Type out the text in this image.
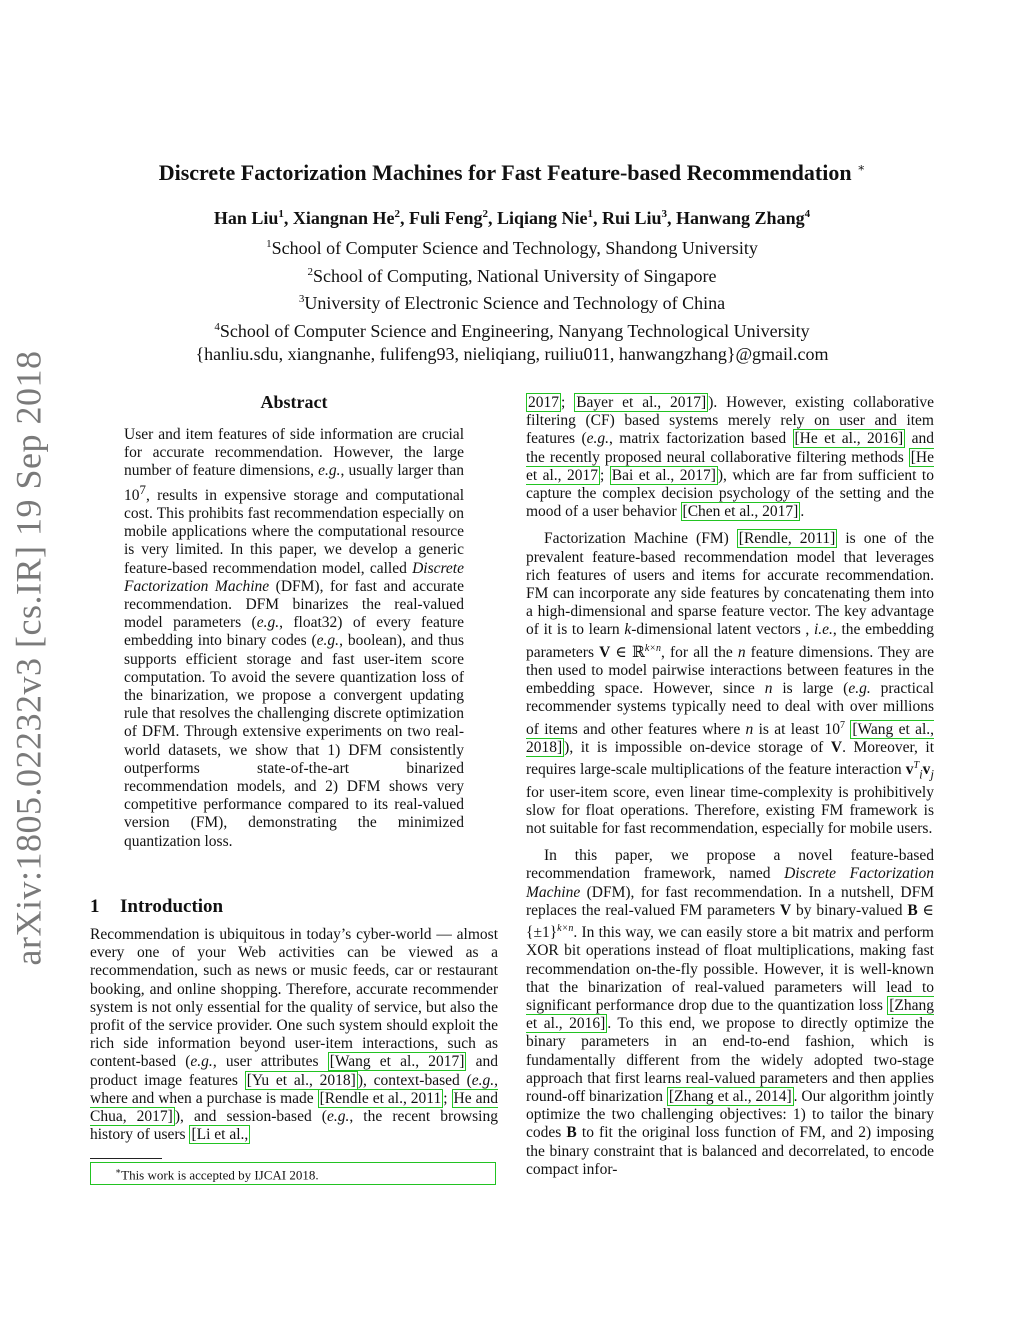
arXiv:1805.02232v3 [cs.IR] 19 Sep 2018
Discrete Factorization Machines for Fast Feature-based Recommendation ∗
Han Liu$^1$, Xiangnan He$^2$, Fuli Feng$^2$, Liqiang Nie$^1$, Rui Liu$^3$, Hanwang Zhang$^4$
$^1$School of Computer Science and Technology, Shandong University
$^2$School of Computing, National University of Singapore
$^3$University of Electronic Science and Technology of China
$^4$School of Computer Science and Engineering, Nanyang Technological University
{hanliu.sdu, xiangnanhe, fulifeng93, nieliqiang, ruiliu011, hanwangzhang}@gmail.com
Abstract
User and item features of side information are crucial for accurate recommendation. However, the large number of feature dimensions, e.g., usually larger than $10^7$, results in expensive storage and computational cost. This prohibits fast recommendation especially on mobile applications where the computational resource is very limited. In this paper, we develop a generic feature-based recommendation model, called Discrete Factorization Machine (DFM), for fast and accurate recommendation. DFM binarizes the real-valued model parameters (e.g., float32) of every feature embedding into binary codes (e.g., boolean), and thus supports efficient storage and fast user-item score computation. To avoid the severe quantization loss of the binarization, we propose a convergent updating rule that resolves the challenging discrete optimization of DFM. Through extensive experiments on two real-world datasets, we show that 1) DFM consistently outperforms state-of-the-art binarized recommendation models, and 2) DFM shows very competitive performance compared to its real-valued version (FM), demonstrating the minimized quantization loss.
1 Introduction
Recommendation is ubiquitous in today’s cyber-world — almost every one of your Web activities can be viewed as a recommendation, such as news or music feeds, car or restaurant booking, and online shopping. Therefore, accurate recommender system is not only essential for the quality of service, but also the profit of the service provider. One such system should exploit the rich side information beyond user-item interactions, such as content-based (e.g., user attributes [Wang et al., 2017] and product image features [Yu et al., 2018] ), context-based (e.g., where and when a purchase is made [Rendle et al., 2011 ; He and Chua, 2017] ), and session-based (e.g., the recent browsing history of users [Li et al.,
∗This work is accepted by IJCAI 2018.

2017 ; Bayer et al., 2017] ). However, existing collaborative filtering (CF) based systems merely rely on user and item features (e.g., matrix factorization based [He et al., 2016] and the recently proposed neural collaborative filtering methods [He et al., 2017 ; Bai et al., 2017] ), which are far from sufficient to capture the complex decision psychology of the setting and the mood of a user behavior [Chen et al., 2017] .

Factorization Machine (FM) [Rendle, 2011] is one of the prevalent feature-based recommendation model that leverages rich features of users and items for accurate recommendation. FM can incorporate any side features by concatenating them into a high-dimensional and sparse feature vector. The key advantage of it is to learn k-dimensional latent vectors , i.e., the embedding parameters V ∈ ℝ$^{k\times n}$, for all the n feature dimensions. They are then used to model pairwise interactions between features in the embedding space. However, since n is large (e.g. practical recommender systems typically need to deal with over millions of items and other features where n is at least $10^7$ [Wang et al., 2018] ), it is impossible on-device storage of V. Moreover, it requires large-scale multiplications of the feature interaction $v^T_iv_j$ for user-item score, even linear time-complexity is prohibitively slow for float operations. Therefore, existing FM framework is not suitable for fast recommendation, especially for mobile users.

In this paper, we propose a novel feature-based recommendation framework, named Discrete Factorization Machine (DFM), for fast recommendation. In a nutshell, DFM replaces the real-valued FM parameters V by binary-valued B ∈ $\{\pm 1\}^{k\times n}$. In this way, we can easily store a bit matrix and perform XOR bit operations instead of float multiplications, making fast recommendation on-the-fly possible. However, it is well-known that the binarization of real-valued parameters will lead to significant performance drop due to the quantization loss [Zhang et al., 2016] . To this end, we propose to directly optimize the binary parameters in an end-to-end fashion, which is fundamentally different from the widely adopted two-stage approach that first learns real-valued parameters and then applies round-off binarization [Zhang et al., 2014] . Our algorithm jointly optimize the two challenging objectives: 1) to tailor the binary codes B to fit the original loss function of FM, and 2) imposing the binary constraint that is balanced and decorrelated, to encode compact infor-
